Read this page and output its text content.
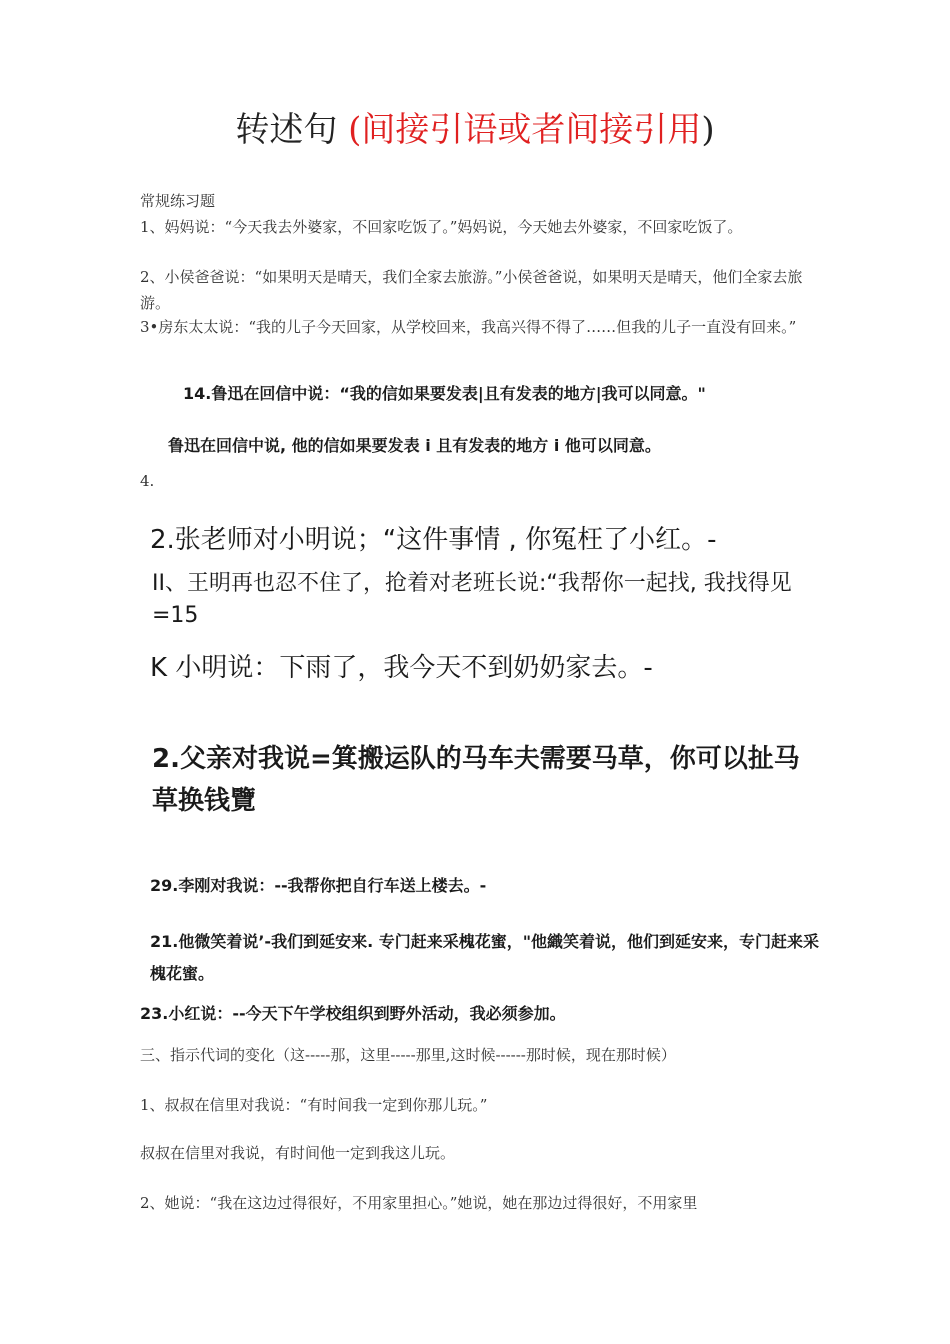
转述句 (间接引语或者间接引用)
常规练习题
1、妈妈说：“今天我去外婆家，不回家吃饭了。”妈妈说，今天她去外婆家，不回家吃饭了。
2、小侯爸爸说：“如果明天是晴天，我们全家去旅游。”小侯爸爸说，如果明天是晴天，他们全家去旅游。
3•房东太太说：“我的儿子今天回家，从学校回来，我高兴得不得了……但我的儿子一直没有回来。”
14.鲁迅在回信中说：“我的信如果要发表|且有发表的地方|我可以同意。"
鲁迅在回信中说, 他的信如果要发表 i 且有发表的地方 i 他可以同意。
4.
2.张老师对小明说；“这件事情 , 你冤枉了小红。-
II、王明再也忍不住了，抢着对老班长说:“我帮你一起找, 我找得见=15
K 小明说：下雨了，我今天不到奶奶家去。-
2.父亲对我说=箕搬运队的马车夫需要马草，你可以扯马草换钱覽
29.李刚对我说：--我帮你把自行车送上楼去。-
21.他微笑着说’-我们到延安来. 专门赶来采槐花蜜，"他織笑着说，他们到延安来，专门赶来采槐花蜜。
23.小红说：--今天下午学校组织到野外活动，我必须参加。
三、指示代词的变化（这-----那，这里-----那里,这时候------那时候，现在那时候）
1、叔叔在信里对我说：“有时间我一定到你那儿玩。”
叔叔在信里对我说，有时间他一定到我这儿玩。
2、她说：“我在这边过得很好，不用家里担心。”她说，她在那边过得很好，不用家里
